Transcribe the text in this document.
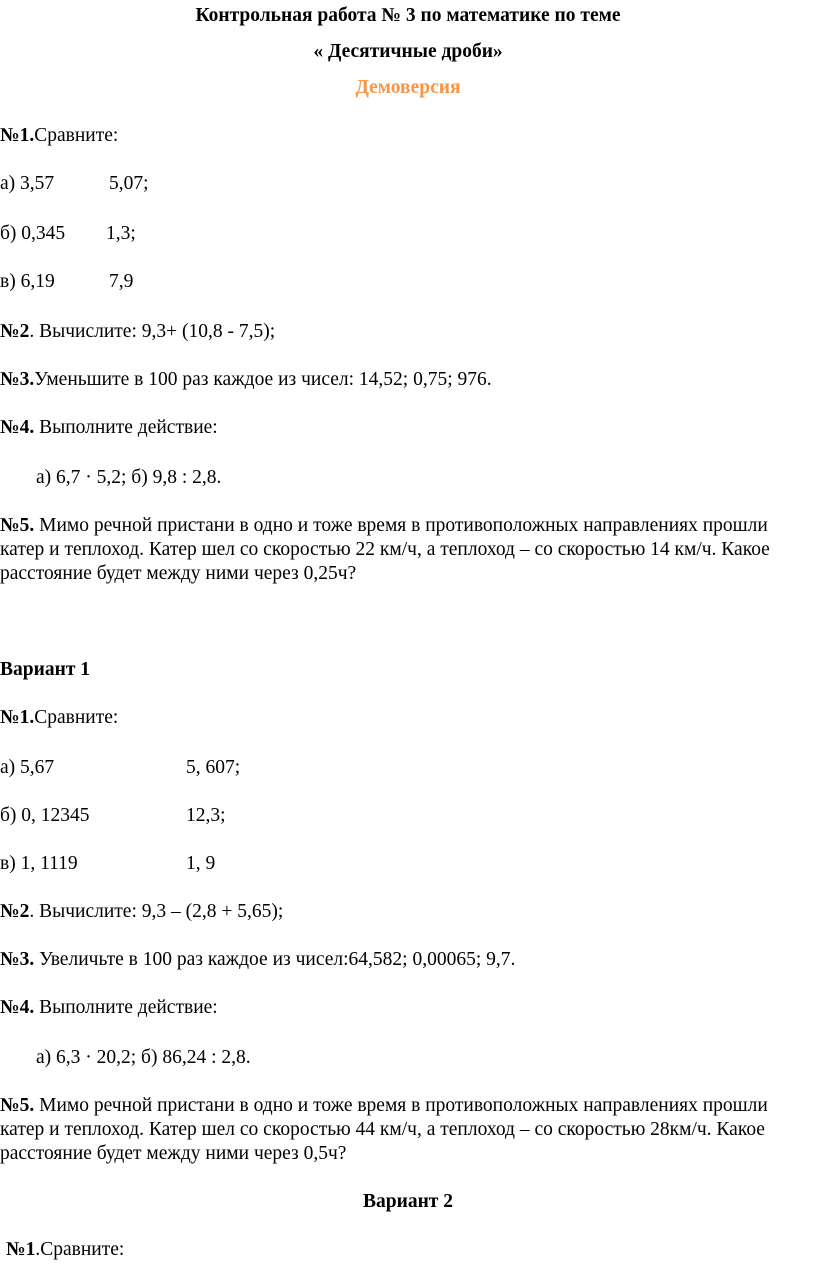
Контрольная работа № 3 по математике по теме
« Десятичные дроби»
Демоверсия
№1.Сравните:
а) 3,57	5,07;
б) 0,345 1,3;
в) 6,19	7,9
№2. Вычислите: 9,3+ (10,8 - 7,5);
№3.Уменьшите в 100 раз каждое из чисел: 14,52; 0,75; 976.
№4. Выполните действие:
а) 6,7 · 5,2; б) 9,8 : 2,8.
№5. Мимо речной пристани в одно и тоже время в противоположных направлениях прошли катер и теплоход. Катер шел со скоростью 22 км/ч, а теплоход – со скоростью 14 км/ч. Какое расстояние будет между ними через 0,25ч?
Вариант 1
№1.Сравните:
а) 5,67	5, 607;
б) 0, 12345	12,3;
в) 1, 1119	1, 9
№2. Вычислите: 9,3 – (2,8 + 5,65);
№3. Увеличьте в 100 раз каждое из чисел:64,582; 0,00065; 9,7.
№4. Выполните действие:
а) 6,3 · 20,2; б) 86,24 : 2,8.
№5. Мимо речной пристани в одно и тоже время в противоположных направлениях прошли катер и теплоход. Катер шел со скоростью 44 км/ч, а теплоход – со скоростью 28км/ч. Какое расстояние будет между ними через 0,5ч?
Вариант 2
№1.Сравните:
